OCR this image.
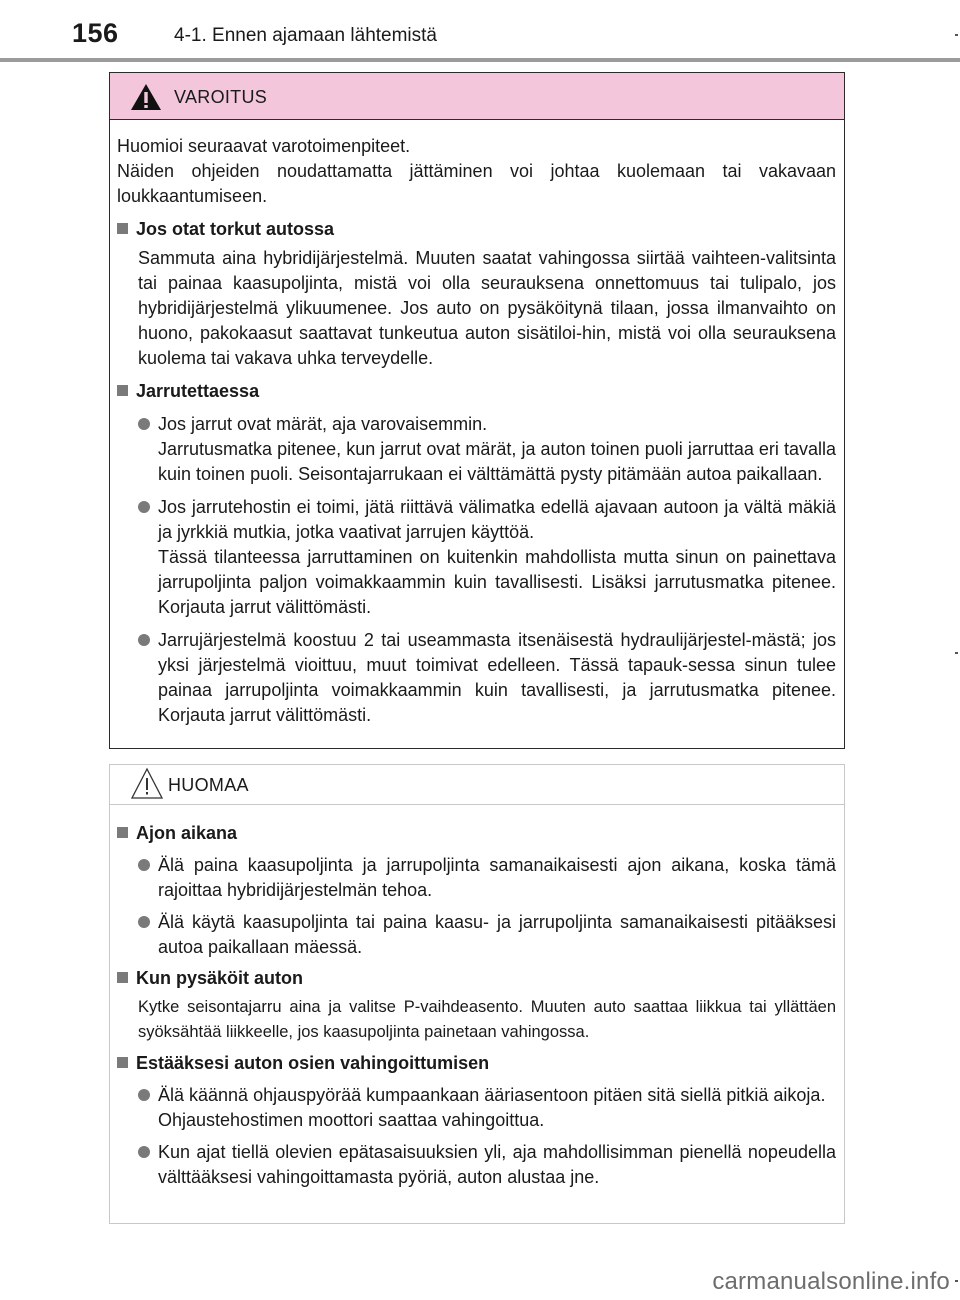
156	4-1. Ennen ajamaan lähtemistä
VAROITUS

Huomioi seuraavat varotoimenpiteet.

Näiden ohjeiden noudattamatta jättäminen voi johtaa kuolemaan tai vakavaan loukkaantumiseen.

Jos otat torkut autossa

Sammuta aina hybridijärjestelmä. Muuten saatat vahingossa siirtää vaihteen-valitsinta tai painaa kaasupoljinta, mistä voi olla seurauksena onnettomuus tai tulipalo, jos hybridijärjestelmä ylikuumenee. Jos auto on pysäköitynä tilaan, jossa ilmanvaihto on huono, pakokaasut saattavat tunkeutua auton sisätiloi-hin, mistä voi olla seurauksena kuolema tai vakava uhka terveydelle.

Jarrutettaessa
Jos jarrut ovat märät, aja varovaisemmin.
Jarrutusmatka pitenee, kun jarrut ovat märät, ja auton toinen puoli jarruttaa eri tavalla kuin toinen puoli. Seisontajarrukaan ei välttämättä pysty pitämään autoa paikallaan.
Jos jarrutehostin ei toimi, jätä riittävä välimatka edellä ajavaan autoon ja vältä mäkiä ja jyrkkiä mutkia, jotka vaativat jarrujen käyttöä.
Tässä tilanteessa jarruttaminen on kuitenkin mahdollista mutta sinun on painettava jarrupoljinta paljon voimakkaammin kuin tavallisesti. Lisäksi jarrutusmatka pitenee. Korjauta jarrut välittömästi.
Jarrujärjestelmä koostuu 2 tai useammasta itsenäisestä hydraulijärjestel-mästä; jos yksi järjestelmä vioittuu, muut toimivat edelleen. Tässä tapauk-sessa sinun tulee painaa jarrupoljinta voimakkaammin kuin tavallisesti, ja jarrutusmatka pitenee. Korjauta jarrut välittömästi.
HUOMAA
Ajon aikana
Älä paina kaasupoljinta ja jarrupoljinta samanaikaisesti ajon aikana, koska tämä rajoittaa hybridijärjestelmän tehoa.
Älä käytä kaasupoljinta tai paina kaasu- ja jarrupoljinta samanaikaisesti pitääksesi autoa paikallaan mäessä.
Kun pysäköit auton

Kytke seisontajarru aina ja valitse P-vaihdeasento. Muuten auto saattaa liikkua tai yllättäen syöksähtää liikkeelle, jos kaasupoljinta painetaan vahingossa.

Estääksesi auton osien vahingoittumisen
Älä käännä ohjauspyörää kumpaankaan ääriasentoon pitäen sitä siellä pitkiä aikoja.
Ohjaustehostimen moottori saattaa vahingoittua.
Kun ajat tiellä olevien epätasaisuuksien yli, aja mahdollisimman pienellä nopeudella välttääksesi vahingoittamasta pyöriä, auton alustaa jne.
carmanualsonline.info
